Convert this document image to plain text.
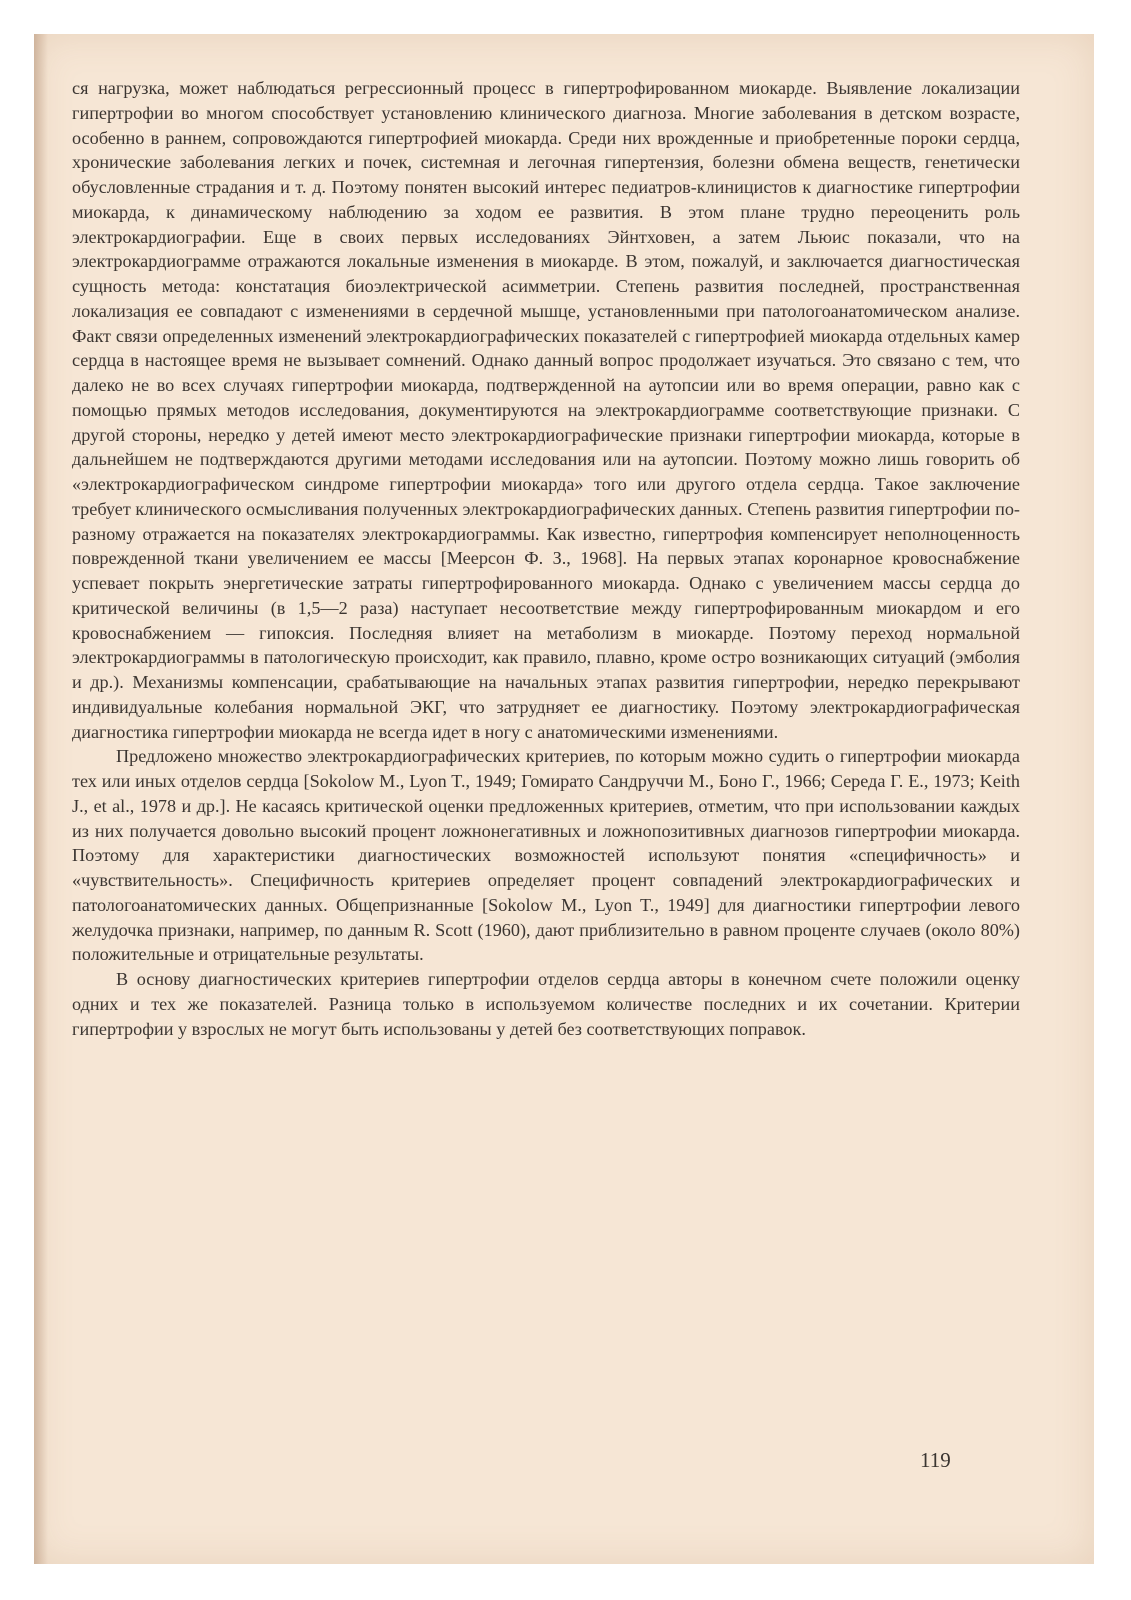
ся нагрузка, может наблюдаться регрессионный процесс в гипертрофированном миокарде. Выявление локализации гипертрофии во многом способствует установлению клинического диагноза. Многие заболевания в детском возрасте, особенно в раннем, сопровождаются гипертрофией миокарда. Среди них врожденные и приобретенные пороки сердца, хронические заболевания легких и почек, системная и легочная гипертензия, болезни обмена веществ, генетически обусловленные страдания и т. д. Поэтому понятен высокий интерес педиатров-клиницистов к диагностике гипертрофии миокарда, к динамическому наблюдению за ходом ее развития. В этом плане трудно переоценить роль электрокардиографии. Еще в своих первых исследованиях Эйнтховен, а затем Льюис показали, что на электрокардиограмме отражаются локальные изменения в миокарде. В этом, пожалуй, и заключается диагностическая сущность метода: констатация биоэлектрической асимметрии. Степень развития последней, пространственная локализация ее совпадают с изменениями в сердечной мышце, установленными при патологоанатомическом анализе. Факт связи определенных изменений электрокардиографических показателей с гипертрофией миокарда отдельных камер сердца в настоящее время не вызывает сомнений. Однако данный вопрос продолжает изучаться. Это связано с тем, что далеко не во всех случаях гипертрофии миокарда, подтвержденной на аутопсии или во время операции, равно как с помощью прямых методов исследования, документируются на электрокардиограмме соответствующие признаки. С другой стороны, нередко у детей имеют место электрокардиографические признаки гипертрофии миокарда, которые в дальнейшем не подтверждаются другими методами исследования или на аутопсии. Поэтому можно лишь говорить об «электрокардиографическом синдроме гипертрофии миокарда» того или другого отдела сердца. Такое заключение требует клинического осмысливания полученных электрокардиографических данных. Степень развития гипертрофии по-разному отражается на показателях электрокардиограммы. Как известно, гипертрофия компенсирует неполноценность поврежденной ткани увеличением ее массы [Меерсон Ф. З., 1968]. На первых этапах коронарное кровоснабжение успевает покрыть энергетические затраты гипертрофированного миокарда. Однако с увеличением массы сердца до критической величины (в 1,5—2 раза) наступает несоответствие между гипертрофированным миокардом и его кровоснабжением — гипоксия. Последняя влияет на метаболизм в миокарде. Поэтому переход нормальной электрокардиограммы в патологическую происходит, как правило, плавно, кроме остро возникающих ситуаций (эмболия и др.). Механизмы компенсации, срабатывающие на начальных этапах развития гипертрофии, нередко перекрывают индивидуальные колебания нормальной ЭКГ, что затрудняет ее диагностику. Поэтому электрокардиографическая диагностика гипертрофии миокарда не всегда идет в ногу с анатомическими изменениями.

Предложено множество электрокардиографических критериев, по которым можно судить о гипертрофии миокарда тех или иных отделов сердца [Sokolow M., Lyon T., 1949; Гомирато Сандруччи М., Боно Г., 1966; Середа Г. Е., 1973; Keith J., et al., 1978 и др.]. Не касаясь критической оценки предложенных критериев, отметим, что при использовании каждых из них получается довольно высокий процент ложнонегативных и ложнопозитивных диагнозов гипертрофии миокарда. Поэтому для характеристики диагностических возможностей используют понятия «специфичность» и «чувствительность». Специфичность критериев определяет процент совпадений электрокардиографических и патологоанатомических данных. Общепризнанные [Sokolow M., Lyon T., 1949] для диагностики гипертрофии левого желудочка признаки, например, по данным R. Scott (1960), дают приблизительно в равном проценте случаев (около 80%) положительные и отрицательные результаты.

В основу диагностических критериев гипертрофии отделов сердца авторы в конечном счете положили оценку одних и тех же показателей. Разница только в используемом количестве последних и их сочетании. Критерии гипертрофии у взрослых не могут быть использованы у детей без соответствующих поправок.

119
